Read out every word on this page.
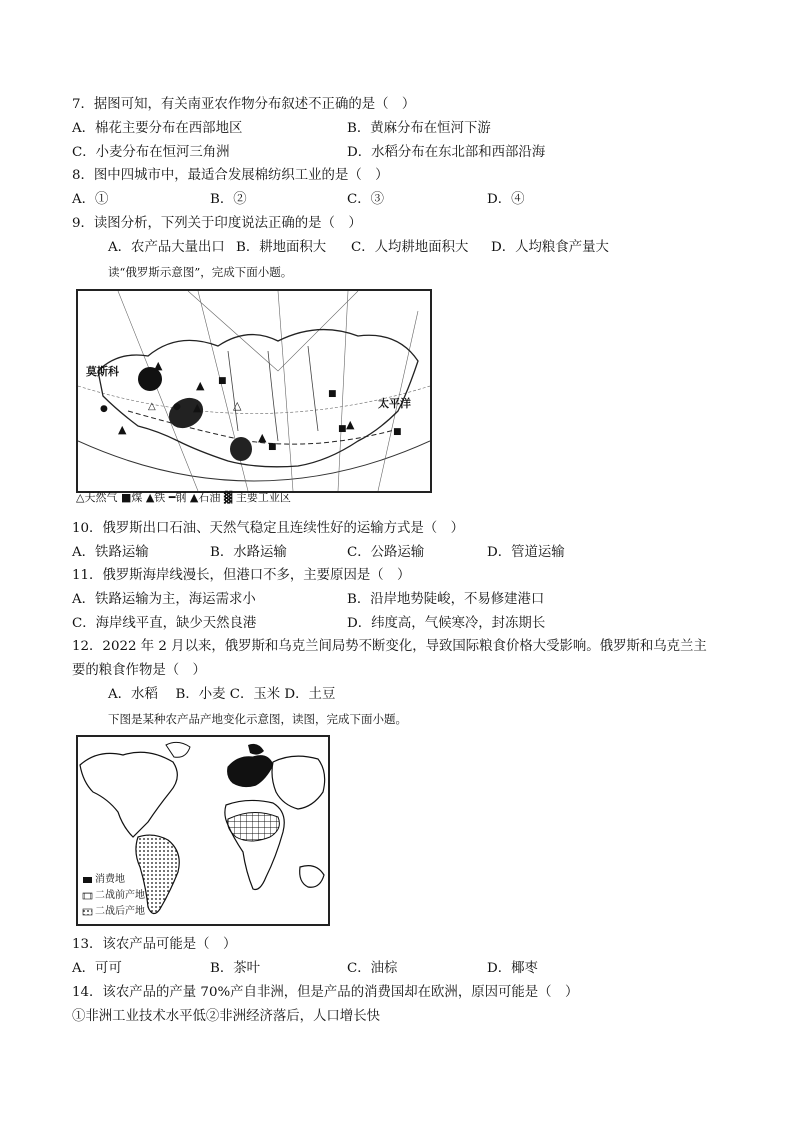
7．据图可知，有关南亚农作物分布叙述不正确的是（　）
A．棉花主要分布在西部地区	B．黄麻分布在恒河下游
C．小麦分布在恒河三角洲	D．水稻分布在东北部和西部沿海
8．图中四城市中，最适合发展棉纺织工业的是（　）
A．①	B．②	C．③	D．④
9．读图分析，下列关于印度说法正确的是（　）
A．农产品大量出口 B．耕地面积大 C．人均耕地面积大 D．人均粮食产量大
读“俄罗斯示意图”，完成下面小题。
▲
▲ ■
△ ●	△
▲
▲
▲
■
■
■ ▲
■
●
莫斯科
太平洋
△天然气 ■煤 ▲铁 ━钢 ▲石油 ▓ 主要工业区
10．俄罗斯出口石油、天然气稳定且连续性好的运输方式是（　）
A．铁路运输	B．水路运输	C．公路运输	D．管道运输
11．俄罗斯海岸线漫长，但港口不多，主要原因是（　）
A．铁路运输为主，海运需求小	B．沿岸地势陡峻，不易修建港口
C．海岸线平直，缺少天然良港	D．纬度高，气候寒冷，封冻期长
12．2022 年 2 月以来，俄罗斯和乌克兰间局势不断变化，导致国际粮食价格大受影响。俄罗斯和乌克兰主
要的粮食作物是（　）
A．水稻　 B．小麦 C．玉米 D．土豆
下图是某种农产品产地变化示意图，读图，完成下面小题。
消费地
二战前产地
二战后产地
13．该农产品可能是（　）
A．可可	B．茶叶	C．油棕	D．椰枣
14．该农产品的产量 70%产自非洲，但是产品的消费国却在欧洲，原因可能是（　）
①非洲工业技术水平低②非洲经济落后，人口增长快
